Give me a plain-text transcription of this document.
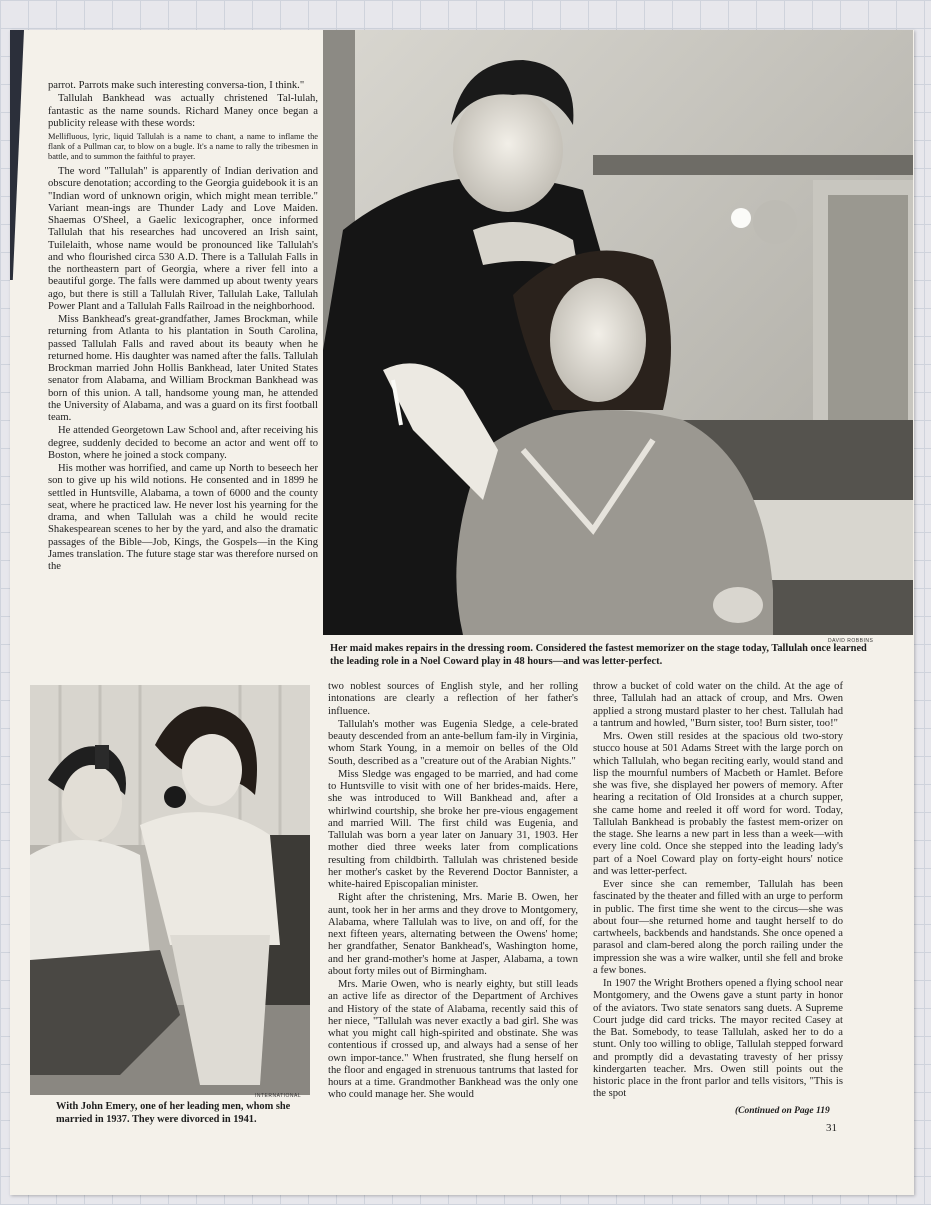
parrot. Parrots make such interesting conversa-tion, I think."

Tallulah Bankhead was actually christened Tal-lulah, fantastic as the name sounds. Richard Maney once began a publicity release with these words:

Mellifluous, lyric, liquid Tallulah is a name to chant, a name to inflame the flank of a Pullman car, to blow on a bugle. It's a name to rally the tribesmen in battle, and to summon the faithful to prayer.

The word "Tallulah" is apparently of Indian derivation and obscure denotation; according to the Georgia guidebook it is an "Indian word of unknown origin, which might mean terrible." Variant mean-ings are Thunder Lady and Love Maiden. Shaemas O'Sheel, a Gaelic lexicographer, once informed Tallulah that his researches had uncovered an Irish saint, Tuilelaith, whose name would be pronounced like Tallulah's and who flourished circa 530 A.D. There is a Tallulah Falls in the northeastern part of Georgia, where a river fell into a beautiful gorge. The falls were dammed up about twenty years ago, but there is still a Tallulah River, Tallulah Lake, Tallulah Power Plant and a Tallulah Falls Railroad in the neighborhood.

Miss Bankhead's great-grandfather, James Brockman, while returning from Atlanta to his plantation in South Carolina, passed Tallulah Falls and raved about its beauty when he returned home. His daughter was named after the falls. Tallulah Brockman married John Hollis Bankhead, later United States senator from Alabama, and William Brockman Bankhead was born of this union. A tall, handsome young man, he attended the University of Alabama, and was a guard on its first football team.

He attended Georgetown Law School and, after receiving his degree, suddenly decided to become an actor and went off to Boston, where he joined a stock company.

His mother was horrified, and came up North to beseech her son to give up his wild notions. He consented and in 1899 he settled in Huntsville, Alabama, a town of 6000 and the county seat, where he practiced law. He never lost his yearning for the drama, and when Tallulah was a child he would recite Shakespearean scenes to her by the yard, and also the dramatic passages of the Bible—Job, Kings, the Gospels—in the King James translation. The future stage star was therefore nursed on the

DAVID ROBBINS
Her maid makes repairs in the dressing room. Considered the fastest memorizer on the stage today, Tallulah once learned the leading role in a Noel Coward play in 48 hours—and was letter-perfect.
INTERNATIONAL
With John Emery, one of her leading men, whom she married in 1937. They were divorced in 1941.

two noblest sources of English style, and her rolling intonations are clearly a reflection of her father's influence.

Tallulah's mother was Eugenia Sledge, a cele-brated beauty descended from an ante-bellum fam-ily in Virginia, whom Stark Young, in a memoir on belles of the Old South, described as a "creature out of the Arabian Nights."

Miss Sledge was engaged to be married, and had come to Huntsville to visit with one of her brides-maids. Here, she was introduced to Will Bankhead and, after a whirlwind courtship, she broke her pre-vious engagement and married Will. The first child was Eugenia, and Tallulah was born a year later on January 31, 1903. Her mother died three weeks later from complications resulting from childbirth. Tallulah was christened beside her mother's casket by the Reverend Doctor Bannister, a white-haired Episcopalian minister.

Right after the christening, Mrs. Marie B. Owen, her aunt, took her in her arms and they drove to Montgomery, Alabama, where Tallulah was to live, on and off, for the next fifteen years, alternating between the Owens' home; her grandfather, Senator Bankhead's, Washington home, and her grand-mother's home at Jasper, Alabama, a town about forty miles out of Birmingham.

Mrs. Marie Owen, who is nearly eighty, but still leads an active life as director of the Department of Archives and History of the state of Alabama, recently said this of her niece, "Tallulah was never exactly a bad girl. She was what you might call high-spirited and obstinate. She was contentious if crossed up, and always had a sense of her own impor-tance." When frustrated, she flung herself on the floor and engaged in strenuous tantrums that lasted for hours at a time. Grandmother Bankhead was the only one who could manage her. She would

throw a bucket of cold water on the child. At the age of three, Tallulah had an attack of croup, and Mrs. Owen applied a strong mustard plaster to her chest. Tallulah had a tantrum and howled, "Burn sister, too! Burn sister, too!"

Mrs. Owen still resides at the spacious old two-story stucco house at 501 Adams Street with the large porch on which Tallulah, who began reciting early, would stand and lisp the mournful numbers of Macbeth or Hamlet. Before she was five, she displayed her powers of memory. After hearing a recitation of Old Ironsides at a church supper, she came home and reeled it off word for word. Today, Tallulah Bankhead is probably the fastest mem-orizer on the stage. She learns a new part in less than a week—with every line cold. Once she stepped into the leading lady's part of a Noel Coward play on forty-eight hours' notice and was letter-perfect.

Ever since she can remember, Tallulah has been fascinated by the theater and filled with an urge to perform in public. The first time she went to the circus—she was about four—she returned home and taught herself to do cartwheels, backbends and handstands. She once opened a parasol and clam-bered along the porch railing under the impression she was a wire walker, until she fell and broke a few bones.

In 1907 the Wright Brothers opened a flying school near Montgomery, and the Owens gave a stunt party in honor of the aviators. Two state senators sang duets. A Supreme Court judge did card tricks. The mayor recited Casey at the Bat. Somebody, to tease Tallulah, asked her to do a stunt. Only too willing to oblige, Tallulah stepped forward and promptly did a devastating travesty of her prissy kindergarten teacher. Mrs. Owen still points out the historic place in the front parlor and tells visitors, "This is the spot

(Continued on Page 119
31
